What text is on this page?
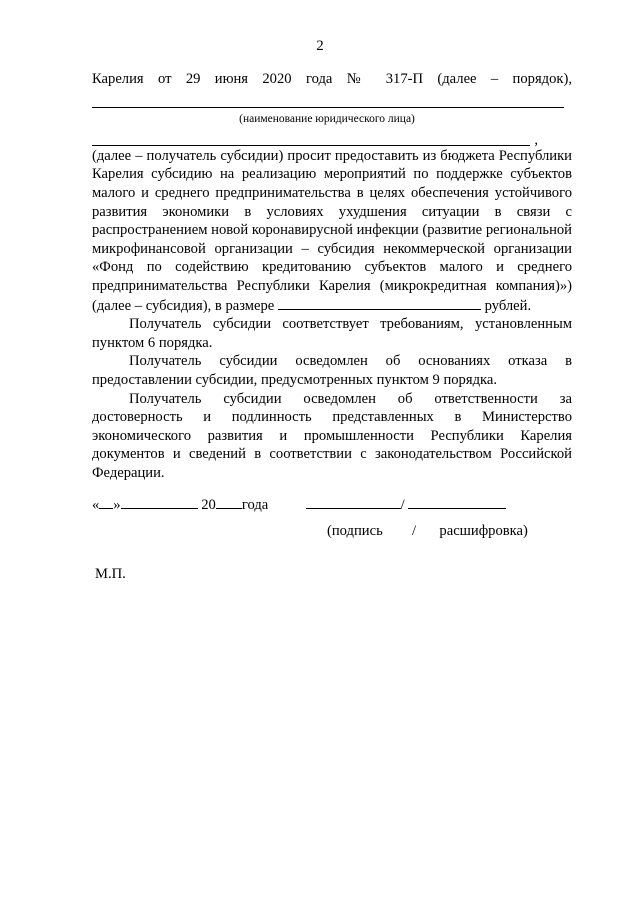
2
Карелия от 29 июня 2020 года № 317-П (далее – порядок),
(наименование юридического лица)
,
(далее – получатель субсидии) просит предоставить из бюджета Республики Карелия субсидию на реализацию мероприятий по поддержке субъектов малого и среднего предпринимательства в целях обеспечения устойчивого развития экономики в условиях ухудшения ситуации в связи с распространением новой коронавирусной инфекции (развитие региональной микрофинансовой организации – субсидия некоммерческой организации «Фонд по содействию кредитованию субъектов малого и среднего предпринимательства Республики Карелия (микрокредитная компания)») (далее – субсидия), в размере	рублей.
Получатель субсидии соответствует требованиям, установленным пунктом 6 порядка.
Получатель субсидии осведомлен об основаниях отказа в предоставлении субсидии, предусмотренных пунктом 9 порядка.
Получатель субсидии осведомлен об ответственности за достоверность и подлинность представленных в Министерство экономического развития и промышленности Республики Карелия документов и сведений в соответствии с законодательством Российской Федерации.
« »	20 года	/
(подпись / расшифровка)
М.П.
